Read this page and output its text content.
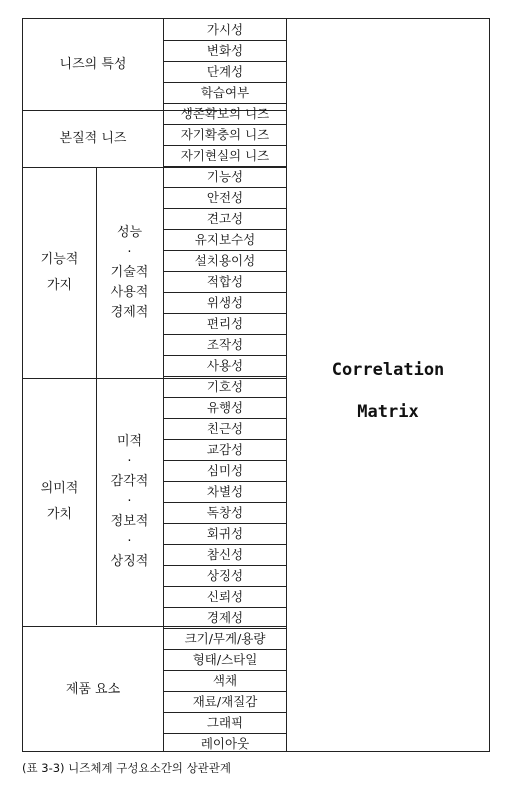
니즈의 특성
본질적 니즈
기능적
가지
성능
·
기술적
사용적
경제적
의미적
가치
미적
·
감각적
·
정보적
·
상징적
제품 요소
가시성
변화성
단계성
학습여부
생존확보의 니즈
자기확충의 니즈
자기현실의 니즈
기능성
안전성
견고성
유지보수성
설치용이성
적합성
위생성
편리성
조작성
사용성
기호성
유행성
친근성
교감성
심미성
차별성
독창성
회귀성
참신성
상징성
신뢰성
경제성
크기/무게/용량
형태/스타일
색채
재료/재질감
그래픽
레이아웃
Correlation
Matrix
(표 3-3) 니즈체계 구성요소간의 상관관계
